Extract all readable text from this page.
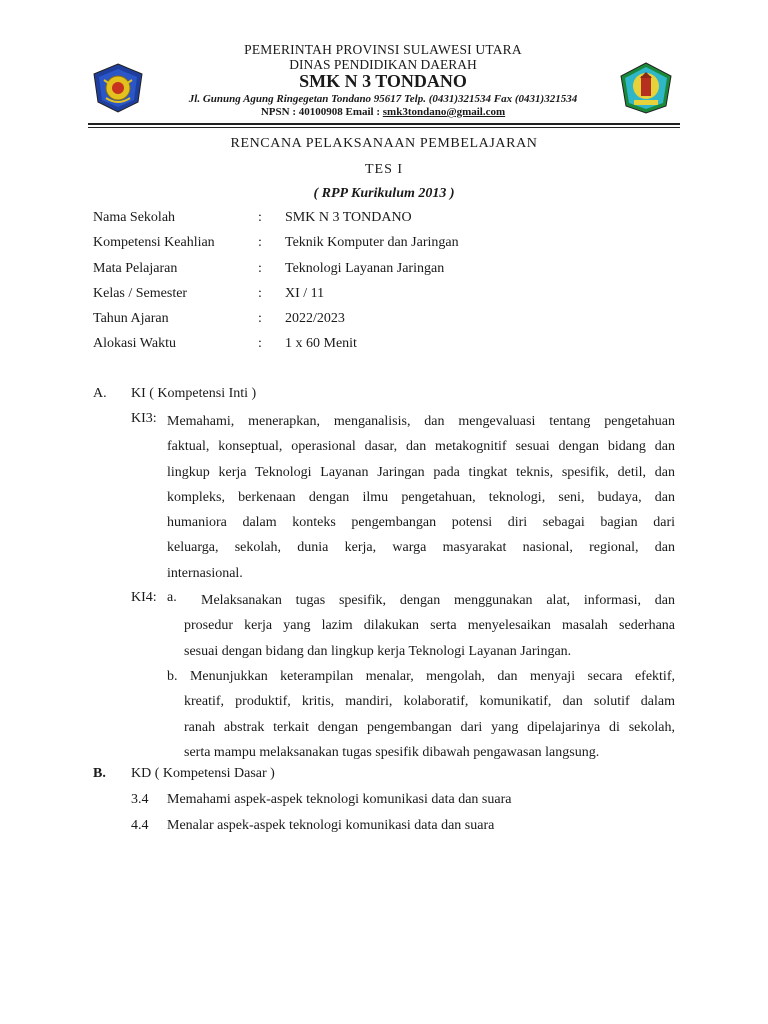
PEMERINTAH PROVINSI SULAWESI UTARA
DINAS PENDIDIKAN DAERAH
SMK N 3 TONDANO
Jl. Gunung Agung Ringegetan Tondano 95617 Telp. (0431)321534 Fax (0431)321534
NPSN : 40100908 Email : smk3tondano@gmail.com
RENCANA PELAKSANAAN PEMBELAJARAN
TES I
( RPP Kurikulum 2013 )
Nama Sekolah	: SMK N 3 TONDANO
Kompetensi Keahlian	: Teknik Komputer dan Jaringan
Mata Pelajaran	: Teknologi Layanan Jaringan
Kelas / Semester	: XI / 11
Tahun Ajaran	: 2022/2023
Alokasi Waktu	: 1 x 60 Menit
A. KI ( Kompetensi Inti )
KI3: Memahami, menerapkan, menganalisis, dan mengevaluasi tentang pengetahuan
faktual, konseptual, operasional dasar, dan metakognitif sesuai dengan bidang dan
lingkup kerja Teknologi Layanan Jaringan pada tingkat teknis, spesifik, detil, dan
kompleks, berkenaan dengan ilmu pengetahuan, teknologi, seni, budaya, dan
humaniora dalam konteks pengembangan potensi diri sebagai bagian dari
keluarga, sekolah, dunia kerja, warga masyarakat nasional, regional, dan
internasional.
KI4: a. Melaksanakan tugas spesifik, dengan menggunakan alat, informasi, dan
prosedur kerja yang lazim dilakukan serta menyelesaikan masalah sederhana
sesuai dengan bidang dan lingkup kerja Teknologi Layanan Jaringan.
b. Menunjukkan keterampilan menalar, mengolah, dan menyaji secara efektif,
kreatif, produktif, kritis, mandiri, kolaboratif, komunikatif, dan solutif dalam
ranah abstrak terkait dengan pengembangan dari yang dipelajarinya di sekolah,
serta mampu melaksanakan tugas spesifik dibawah pengawasan langsung.
B. KD ( Kompetensi Dasar )
3.4 Memahami aspek-aspek teknologi komunikasi data dan suara
4.4 Menalar aspek-aspek teknologi komunikasi data dan suara
